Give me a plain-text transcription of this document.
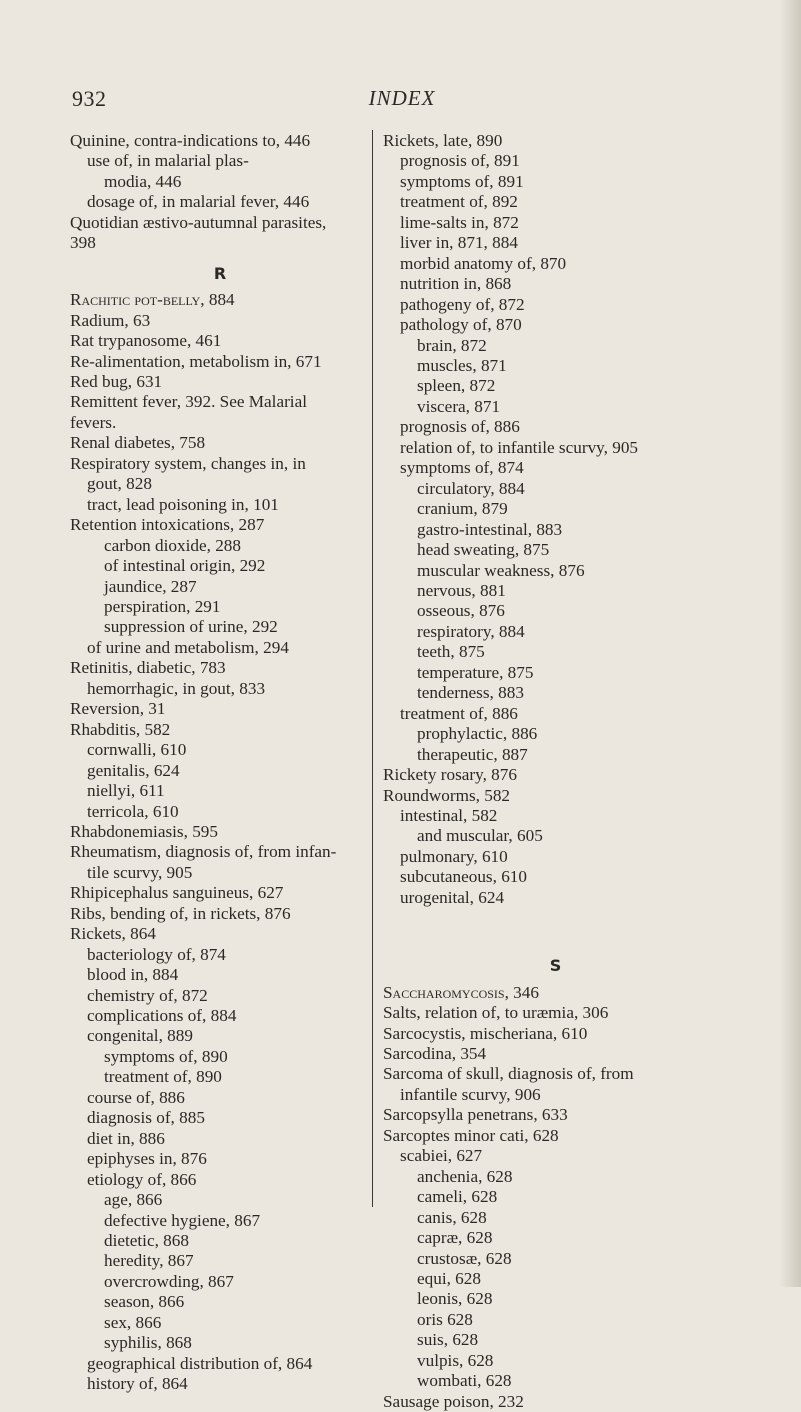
932	INDEX
Quinine, contra-indications to, 446
use of, in malarial plas-
modia, 446
dosage of, in malarial fever, 446
Quotidian æstivo-autumnal parasites,
398
R
Rachitic pot-belly, 884
Radium, 63
Rat trypanosome, 461
Re-alimentation, metabolism in, 671
Red bug, 631
Remittent fever, 392. See Malarial
fevers.
Renal diabetes, 758
Respiratory system, changes in, in
gout, 828
tract, lead poisoning in, 101
Retention intoxications, 287
carbon dioxide, 288
of intestinal origin, 292
jaundice, 287
perspiration, 291
suppression of urine, 292
of urine and metabolism, 294
Retinitis, diabetic, 783
hemorrhagic, in gout, 833
Reversion, 31
Rhabditis, 582
cornwalli, 610
genitalis, 624
niellyi, 611
terricola, 610
Rhabdonemiasis, 595
Rheumatism, diagnosis of, from infan-
tile scurvy, 905
Rhipicephalus sanguineus, 627
Ribs, bending of, in rickets, 876
Rickets, 864
bacteriology of, 874
blood in, 884
chemistry of, 872
complications of, 884
congenital, 889
symptoms of, 890
treatment of, 890
course of, 886
diagnosis of, 885
diet in, 886
epiphyses in, 876
etiology of, 866
age, 866
defective hygiene, 867
dietetic, 868
heredity, 867
overcrowding, 867
season, 866
sex, 866
syphilis, 868
geographical distribution of, 864
history of, 864
Rickets, late, 890
prognosis of, 891
symptoms of, 891
treatment of, 892
lime-salts in, 872
liver in, 871, 884
morbid anatomy of, 870
nutrition in, 868
pathogeny of, 872
pathology of, 870
brain, 872
muscles, 871
spleen, 872
viscera, 871
prognosis of, 886
relation of, to infantile scurvy, 905
symptoms of, 874
circulatory, 884
cranium, 879
gastro-intestinal, 883
head sweating, 875
muscular weakness, 876
nervous, 881
osseous, 876
respiratory, 884
teeth, 875
temperature, 875
tenderness, 883
treatment of, 886
prophylactic, 886
therapeutic, 887
Rickety rosary, 876
Roundworms, 582
intestinal, 582
and muscular, 605
pulmonary, 610
subcutaneous, 610
urogenital, 624
S
Saccharomycosis, 346
Salts, relation of, to uræmia, 306
Sarcocystis, mischeriana, 610
Sarcodina, 354
Sarcoma of skull, diagnosis of, from
infantile scurvy, 906
Sarcopsylla penetrans, 633
Sarcoptes minor cati, 628
scabiei, 627
anchenia, 628
cameli, 628
canis, 628
capræ, 628
crustosæ, 628
equi, 628
leonis, 628
oris 628
suis, 628
vulpis, 628
wombati, 628
Sausage poison, 232
